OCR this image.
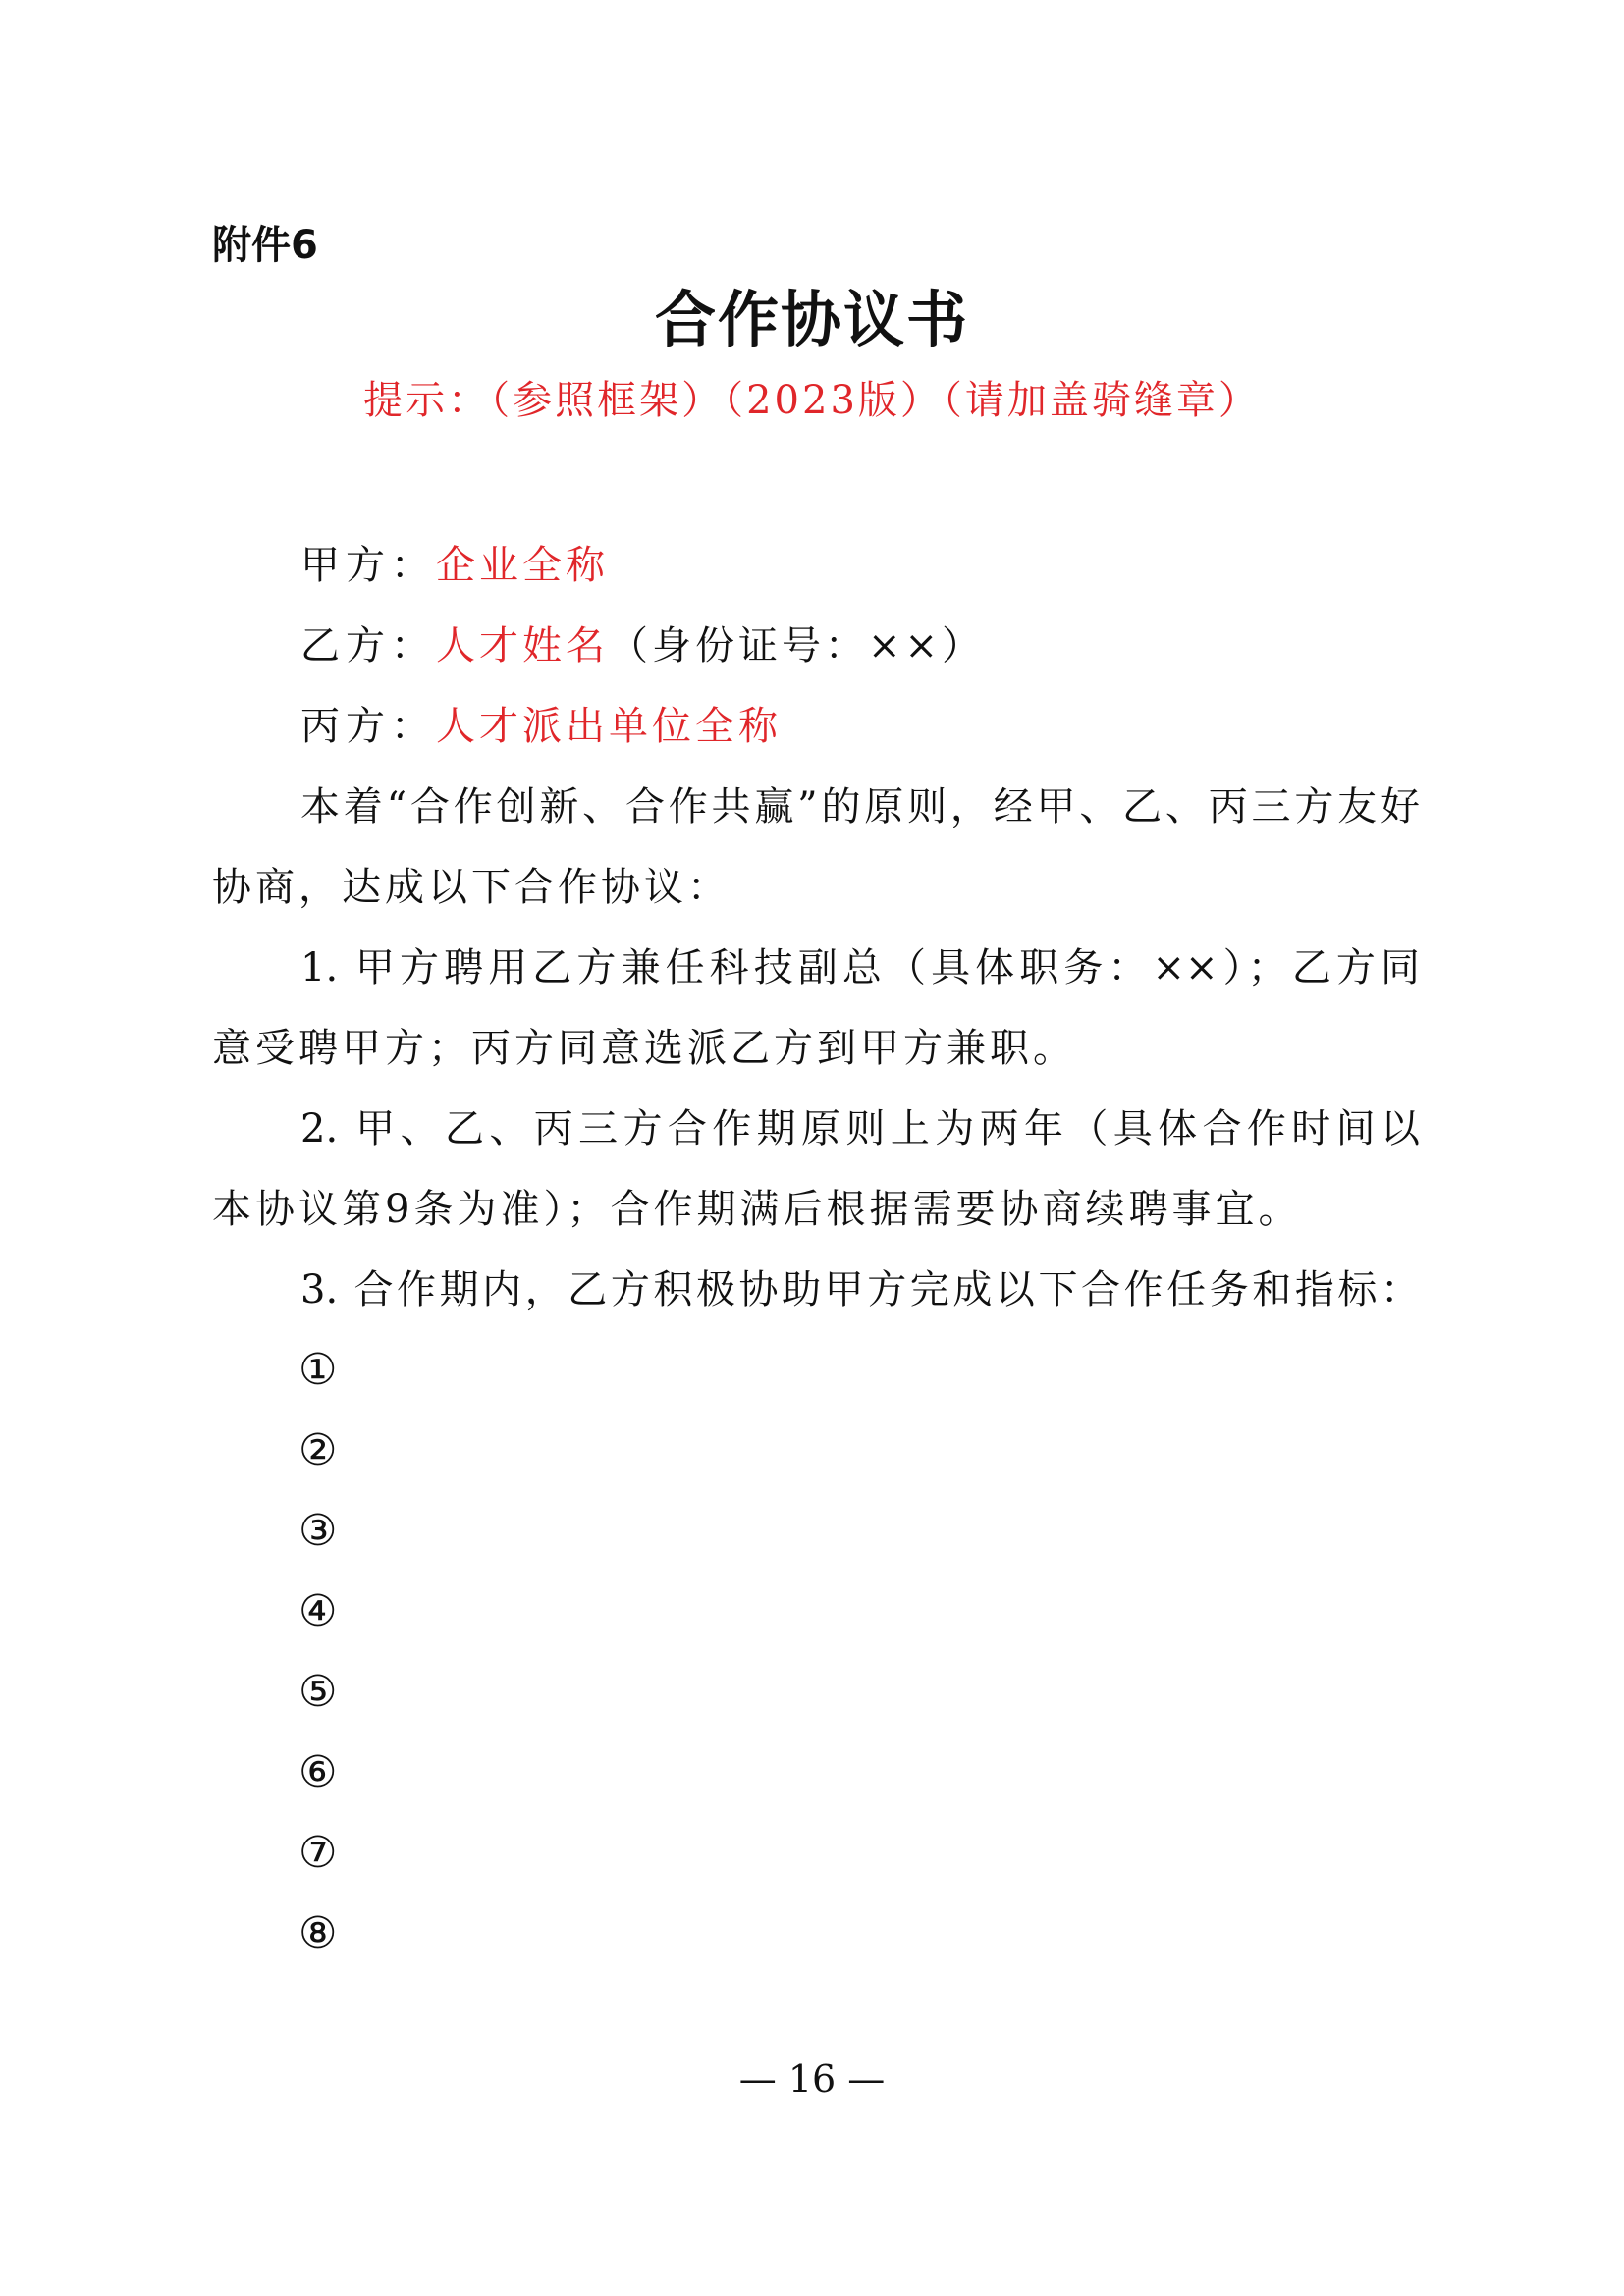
附件6
合作协议书
提示：（参照框架）（2023版）（请加盖骑缝章）
甲方：企业全称
乙方：人才姓名（身份证号：××）
丙方：人才派出单位全称
本着“合作创新、合作共赢”的原则，经甲、乙、丙三方友好
协商，达成以下合作协议：
1. 甲方聘用乙方兼任科技副总（具体职务：××）；乙方同
意受聘甲方；丙方同意选派乙方到甲方兼职。
2. 甲、乙、丙三方合作期原则上为两年（具体合作时间以
本协议第9条为准）；合作期满后根据需要协商续聘事宜。
3. 合作期内，乙方积极协助甲方完成以下合作任务和指标：
①
②
③
④
⑤
⑥
⑦
⑧
— 16 —
